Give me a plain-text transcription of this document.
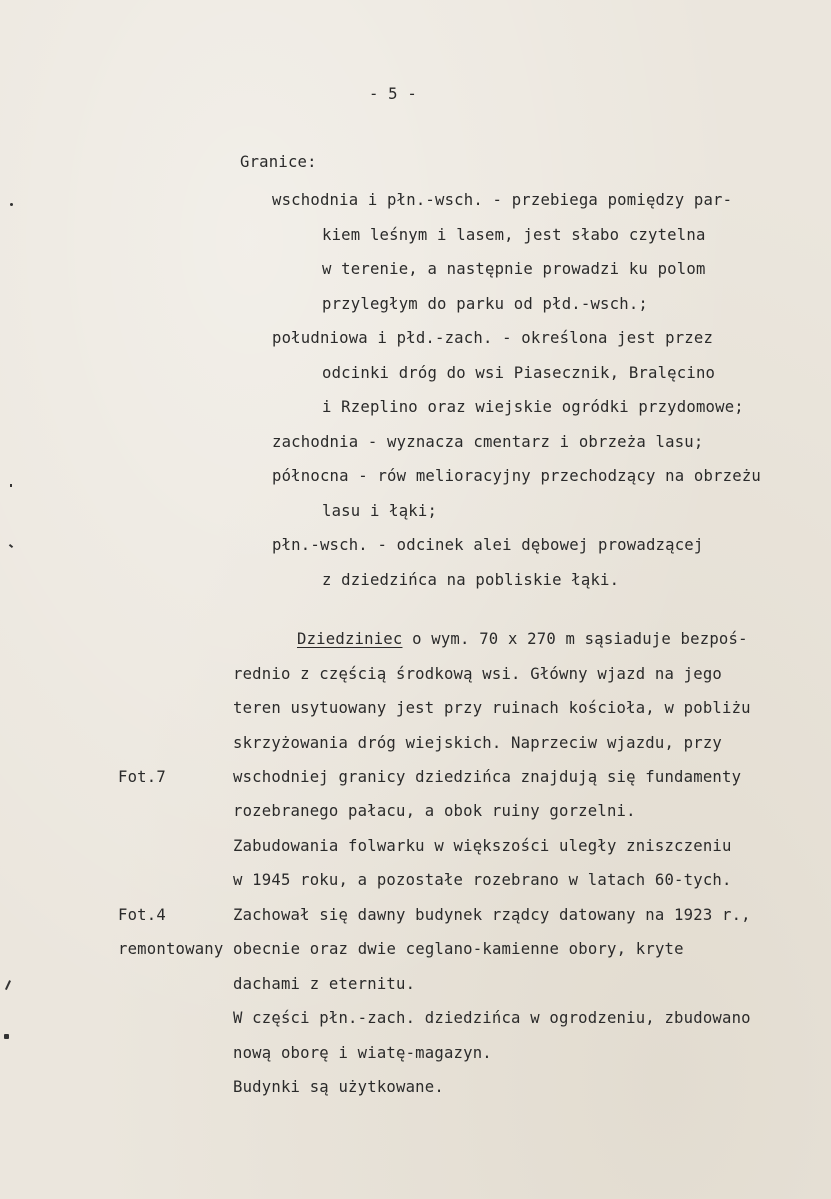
- 5 -
Granice:
wschodnia i płn.-wsch. - przebiega pomiędzy par-
kiem leśnym i lasem, jest słabo czytelna
w terenie, a następnie prowadzi ku polom
przyległym do parku od płd.-wsch.;
południowa i płd.-zach. - określona jest przez
odcinki dróg do wsi Piasecznik, Bralęcino
i Rzeplino oraz wiejskie ogródki przydomowe;
zachodnia - wyznacza cmentarz i obrzeża lasu;
północna - rów melioracyjny przechodzący na obrzeżu
lasu i łąki;
płn.-wsch. - odcinek alei dębowej prowadzącej
z dziedzińca na pobliskie łąki.
Dziedziniec o wym. 70 x 270 m sąsiaduje bezpoś-
rednio z częścią środkową wsi. Główny wjazd na jego
teren usytuowany jest przy ruinach kościoła, w pobliżu
skrzyżowania dróg wiejskich. Naprzeciw wjazdu, przy
Fot.7	wschodniej granicy dziedzińca znajdują się fundamenty
rozebranego pałacu, a obok ruiny gorzelni.
Zabudowania folwarku w większości uległy zniszczeniu
w 1945 roku, a pozostałe rozebrano w latach 60-tych.
Fot.4	Zachował się dawny budynek rządcy datowany na 1923 r.,
remontowany obecnie oraz dwie ceglano-kamienne obory, kryte
dachami z eternitu.
W części płn.-zach. dziedzińca w ogrodzeniu, zbudowano
nową oborę i wiatę-magazyn.
Budynki są użytkowane.
